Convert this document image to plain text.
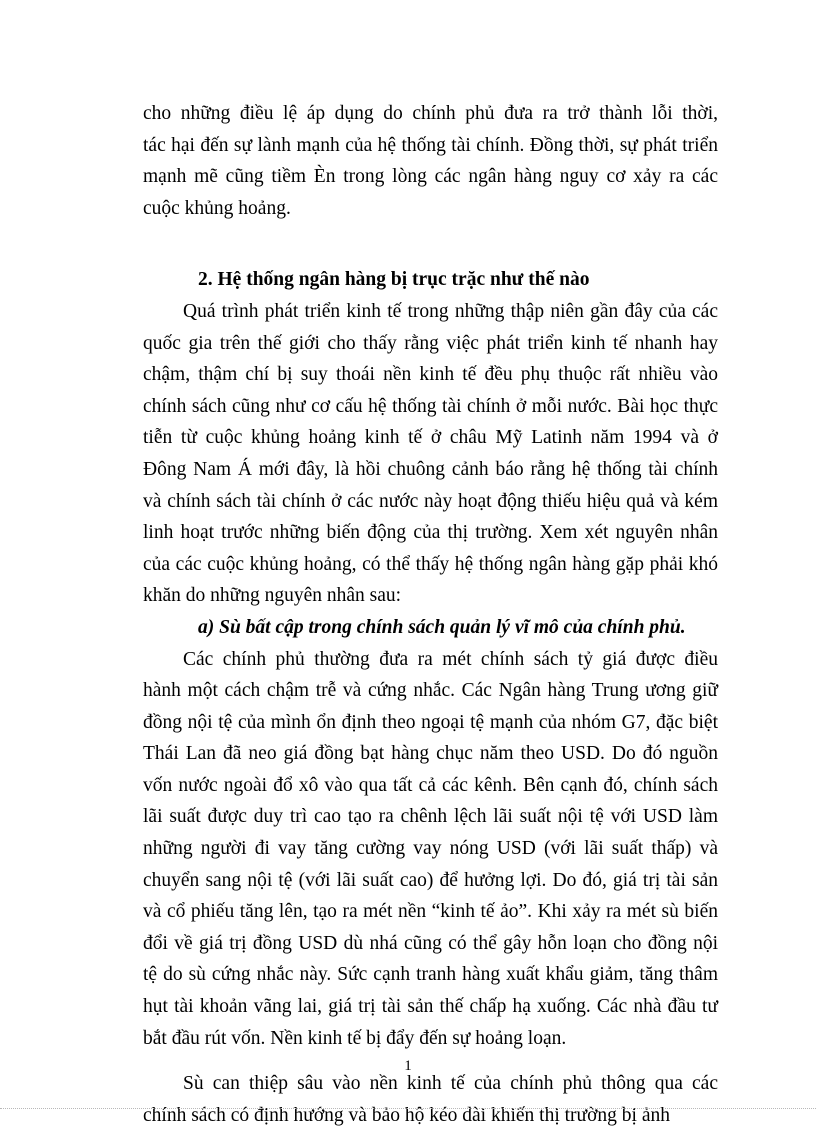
cho những điều lệ áp dụng do chính phủ đưa ra trở thành lỗi thời,
tác hại đến sự lành mạnh của hệ thống tài chính. Đồng thời, sự phát triển
mạnh mẽ cũng tiềm Èn trong lòng các ngân hàng nguy cơ xảy ra các
cuộc khủng hoảng.
2. Hệ thống ngân hàng bị trục trặc như thế nào
Quá trình phát triển kinh tế trong những thập niên gần đây của các
quốc gia trên thế giới cho thấy rằng việc phát triển kinh tế nhanh hay
chậm, thậm chí bị suy thoái nền kinh tế đều phụ thuộc rất nhiều vào
chính sách cũng như cơ cấu hệ thống tài chính ở mỗi nước. Bài học thực
tiễn từ cuộc khủng hoảng kinh tế ở châu Mỹ Latinh năm 1994 và ở
Đông Nam Á mới đây, là hồi chuông cảnh báo rằng hệ thống tài chính
và chính sách tài chính ở các nước này hoạt động thiếu hiệu quả và kém
linh hoạt trước những biến động của thị trường. Xem xét nguyên nhân
của các cuộc khủng hoảng, có thể thấy hệ thống ngân hàng gặp phải khó
khăn do những nguyên nhân sau:
a) Sù bất cập trong chính sách quản lý vĩ mô của chính phủ.
Các chính phủ thường đưa ra mét chính sách tỷ giá được điều
hành một cách chậm trễ và cứng nhắc. Các Ngân hàng Trung ương giữ
đồng nội tệ của mình ổn định theo ngoại tệ mạnh của nhóm G7, đặc biệt
Thái Lan đã neo giá đồng bạt hàng chục năm theo USD. Do đó nguồn
vốn nước ngoài đổ xô vào qua tất cả các kênh. Bên cạnh đó, chính sách
lãi suất được duy trì cao tạo ra chênh lệch lãi suất nội tệ với USD làm
những người đi vay tăng cường vay nóng USD (với lãi suất thấp) và
chuyển sang nội tệ (với lãi suất cao) để hưởng lợi. Do đó, giá trị tài sản
và cổ phiếu tăng lên, tạo ra mét nền “kinh tế ảo”. Khi xảy ra mét sù biến
đổi về giá trị đồng USD dù nhá cũng có thể gây hỗn loạn cho đồng nội
tệ do sù cứng nhắc này. Sức cạnh tranh hàng xuất khẩu giảm, tăng thâm
hụt tài khoản vãng lai, giá trị tài sản thế chấp hạ xuống. Các nhà đầu tư
bắt đầu rút vốn. Nền kinh tế bị đẩy đến sự hoảng loạn.
Sù can thiệp sâu vào nền kinh tế của chính phủ thông qua các
chính sách có định hướng và bảo hộ kéo dài khiến thị trường bị ảnh
1
